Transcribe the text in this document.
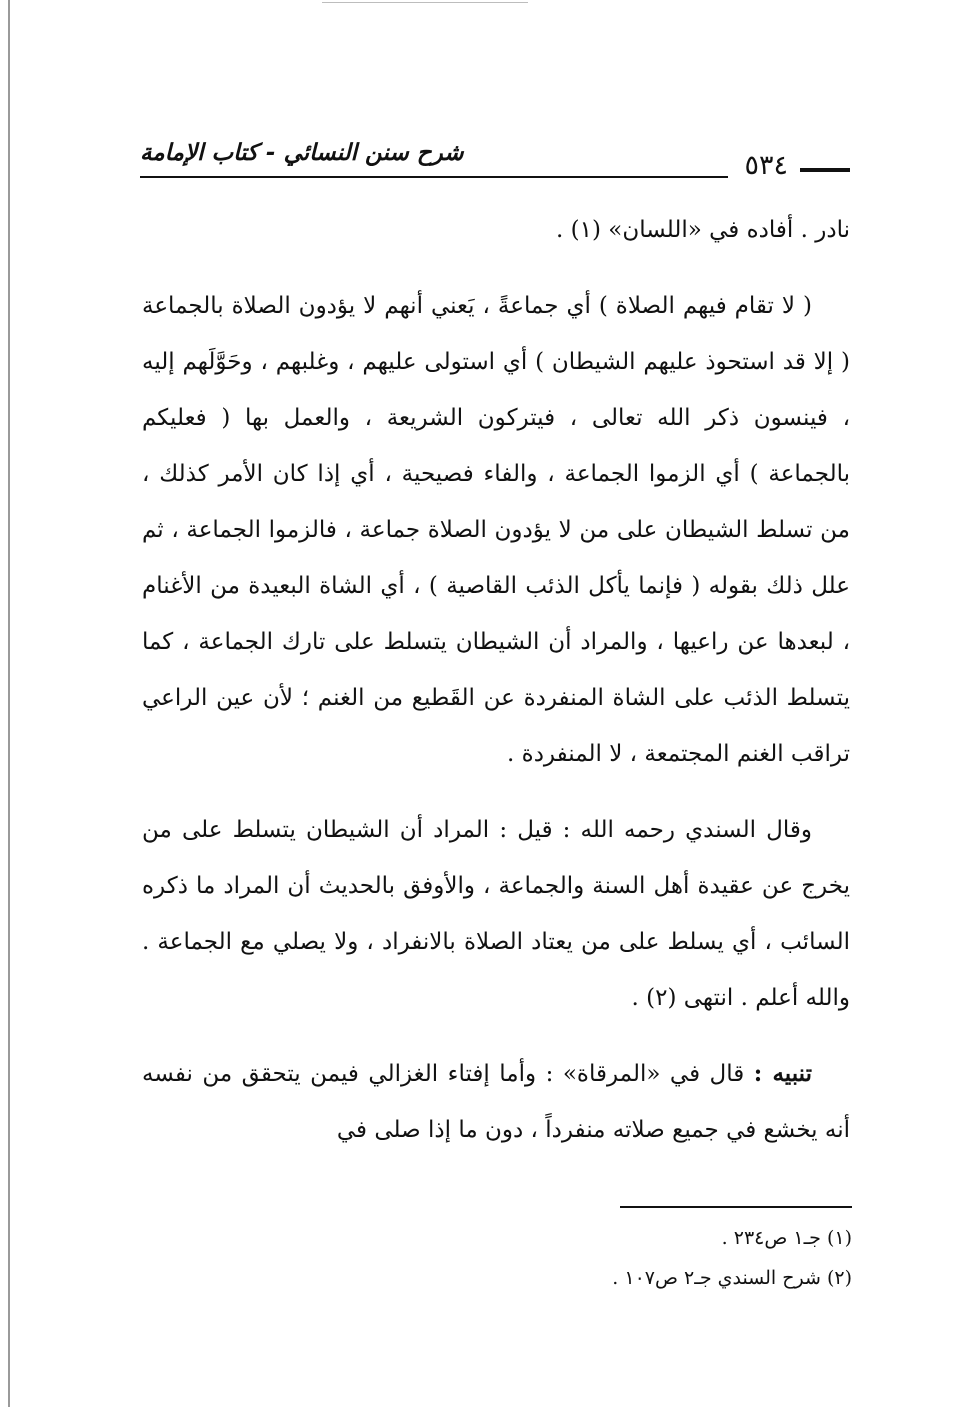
٥٣٤
شرح سنن النسائي - كتاب الإمامة

نادر . أفاده في «اللسان» (١) .

( لا تقام فيهم الصلاة ) أي جماعةً ، يَعني أنهم لا يؤدون الصلاة بالجماعة ( إلا قد استحوذ عليهم الشيطان ) أي استولى عليهم ، وغلبهم ، وحَوَّلَهم إليه ، فينسون ذكر الله تعالى ، فيتركون الشريعة ، والعمل بها ( فعليكم بالجماعة ) أي الزموا الجماعة ، والفاء فصيحية ، أي إذا كان الأمر كذلك ، من تسلط الشيطان على من لا يؤدون الصلاة جماعة ، فالزموا الجماعة ، ثم علل ذلك بقوله ( فإنما يأكل الذئب القاصية ) ، أي الشاة البعيدة من الأغنام ، لبعدها عن راعيها ، والمراد أن الشيطان يتسلط على تارك الجماعة ، كما يتسلط الذئب على الشاة المنفردة عن القَطيع من الغنم ؛ لأن عين الراعي تراقب الغنم المجتمعة ، لا المنفردة .

وقال السندي رحمه الله : قيل : المراد أن الشيطان يتسلط على من يخرج عن عقيدة أهل السنة والجماعة ، والأوفق بالحديث أن المراد ما ذكره السائب ، أي يسلط على من يعتاد الصلاة بالانفراد ، ولا يصلي مع الجماعة . والله أعلم . انتهى (٢) .

تنبيه : قال في «المرقاة» : وأما إفتاء الغزالي فيمن يتحقق من نفسه أنه يخشع في جميع صلاته منفرداً ، دون ما إذا صلى في

(١) جـ١ ص٢٣٤ .

(٢) شرح السندي جـ٢ ص١٠٧ .
